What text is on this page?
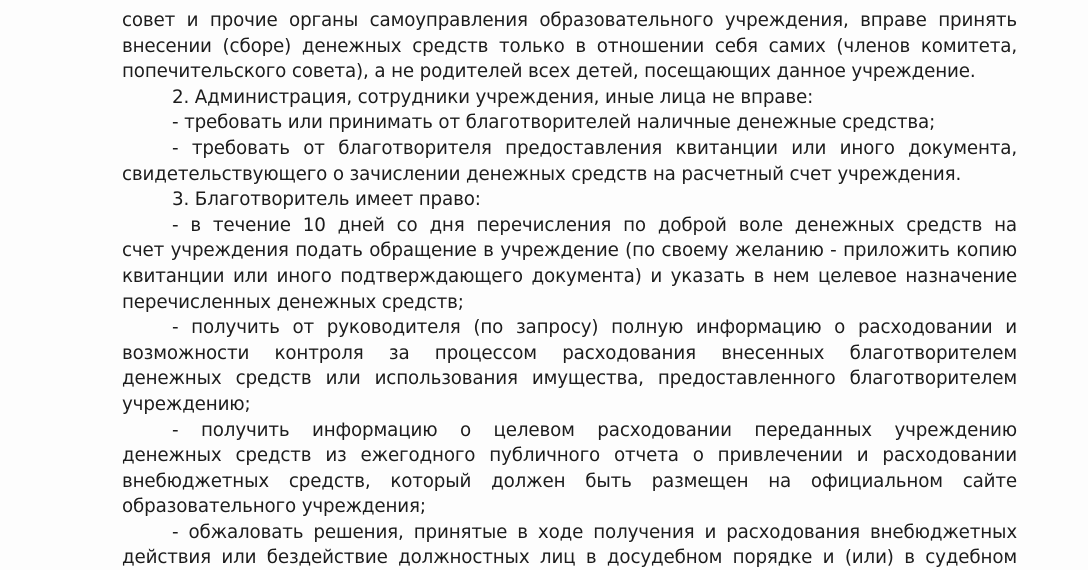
совет и прочие органы самоуправления образовательного учреждения, вправе принять
внесении (сборе) денежных средств только в отношении себя самих (членов комитета,
попечительского совета), а не родителей всех детей, посещающих данное учреждение.
2. Администрация, сотрудники учреждения, иные лица не вправе:
- требовать или принимать от благотворителей наличные денежные средства;
- требовать от благотворителя предоставления квитанции или иного документа,
свидетельствующего о зачислении денежных средств на расчетный счет учреждения.
3. Благотворитель имеет право:
- в течение 10 дней со дня перечисления по доброй воле денежных средств на
счет учреждения подать обращение в учреждение (по своему желанию - приложить копию
квитанции или иного подтверждающего документа) и указать в нем целевое назначение
перечисленных денежных средств;
- получить от руководителя (по запросу) полную информацию о расходовании и
возможности контроля за процессом расходования внесенных благотворителем
денежных средств или использования имущества, предоставленного благотворителем
учреждению;
- получить информацию о целевом расходовании переданных учреждению
денежных средств из ежегодного публичного отчета о привлечении и расходовании
внебюджетных средств, который должен быть размещен на официальном сайте
образовательного учреждения;
- обжаловать решения, принятые в ходе получения и расходования внебюджетных
действия или бездействие должностных лиц в досудебном порядке и (или) в судебном
